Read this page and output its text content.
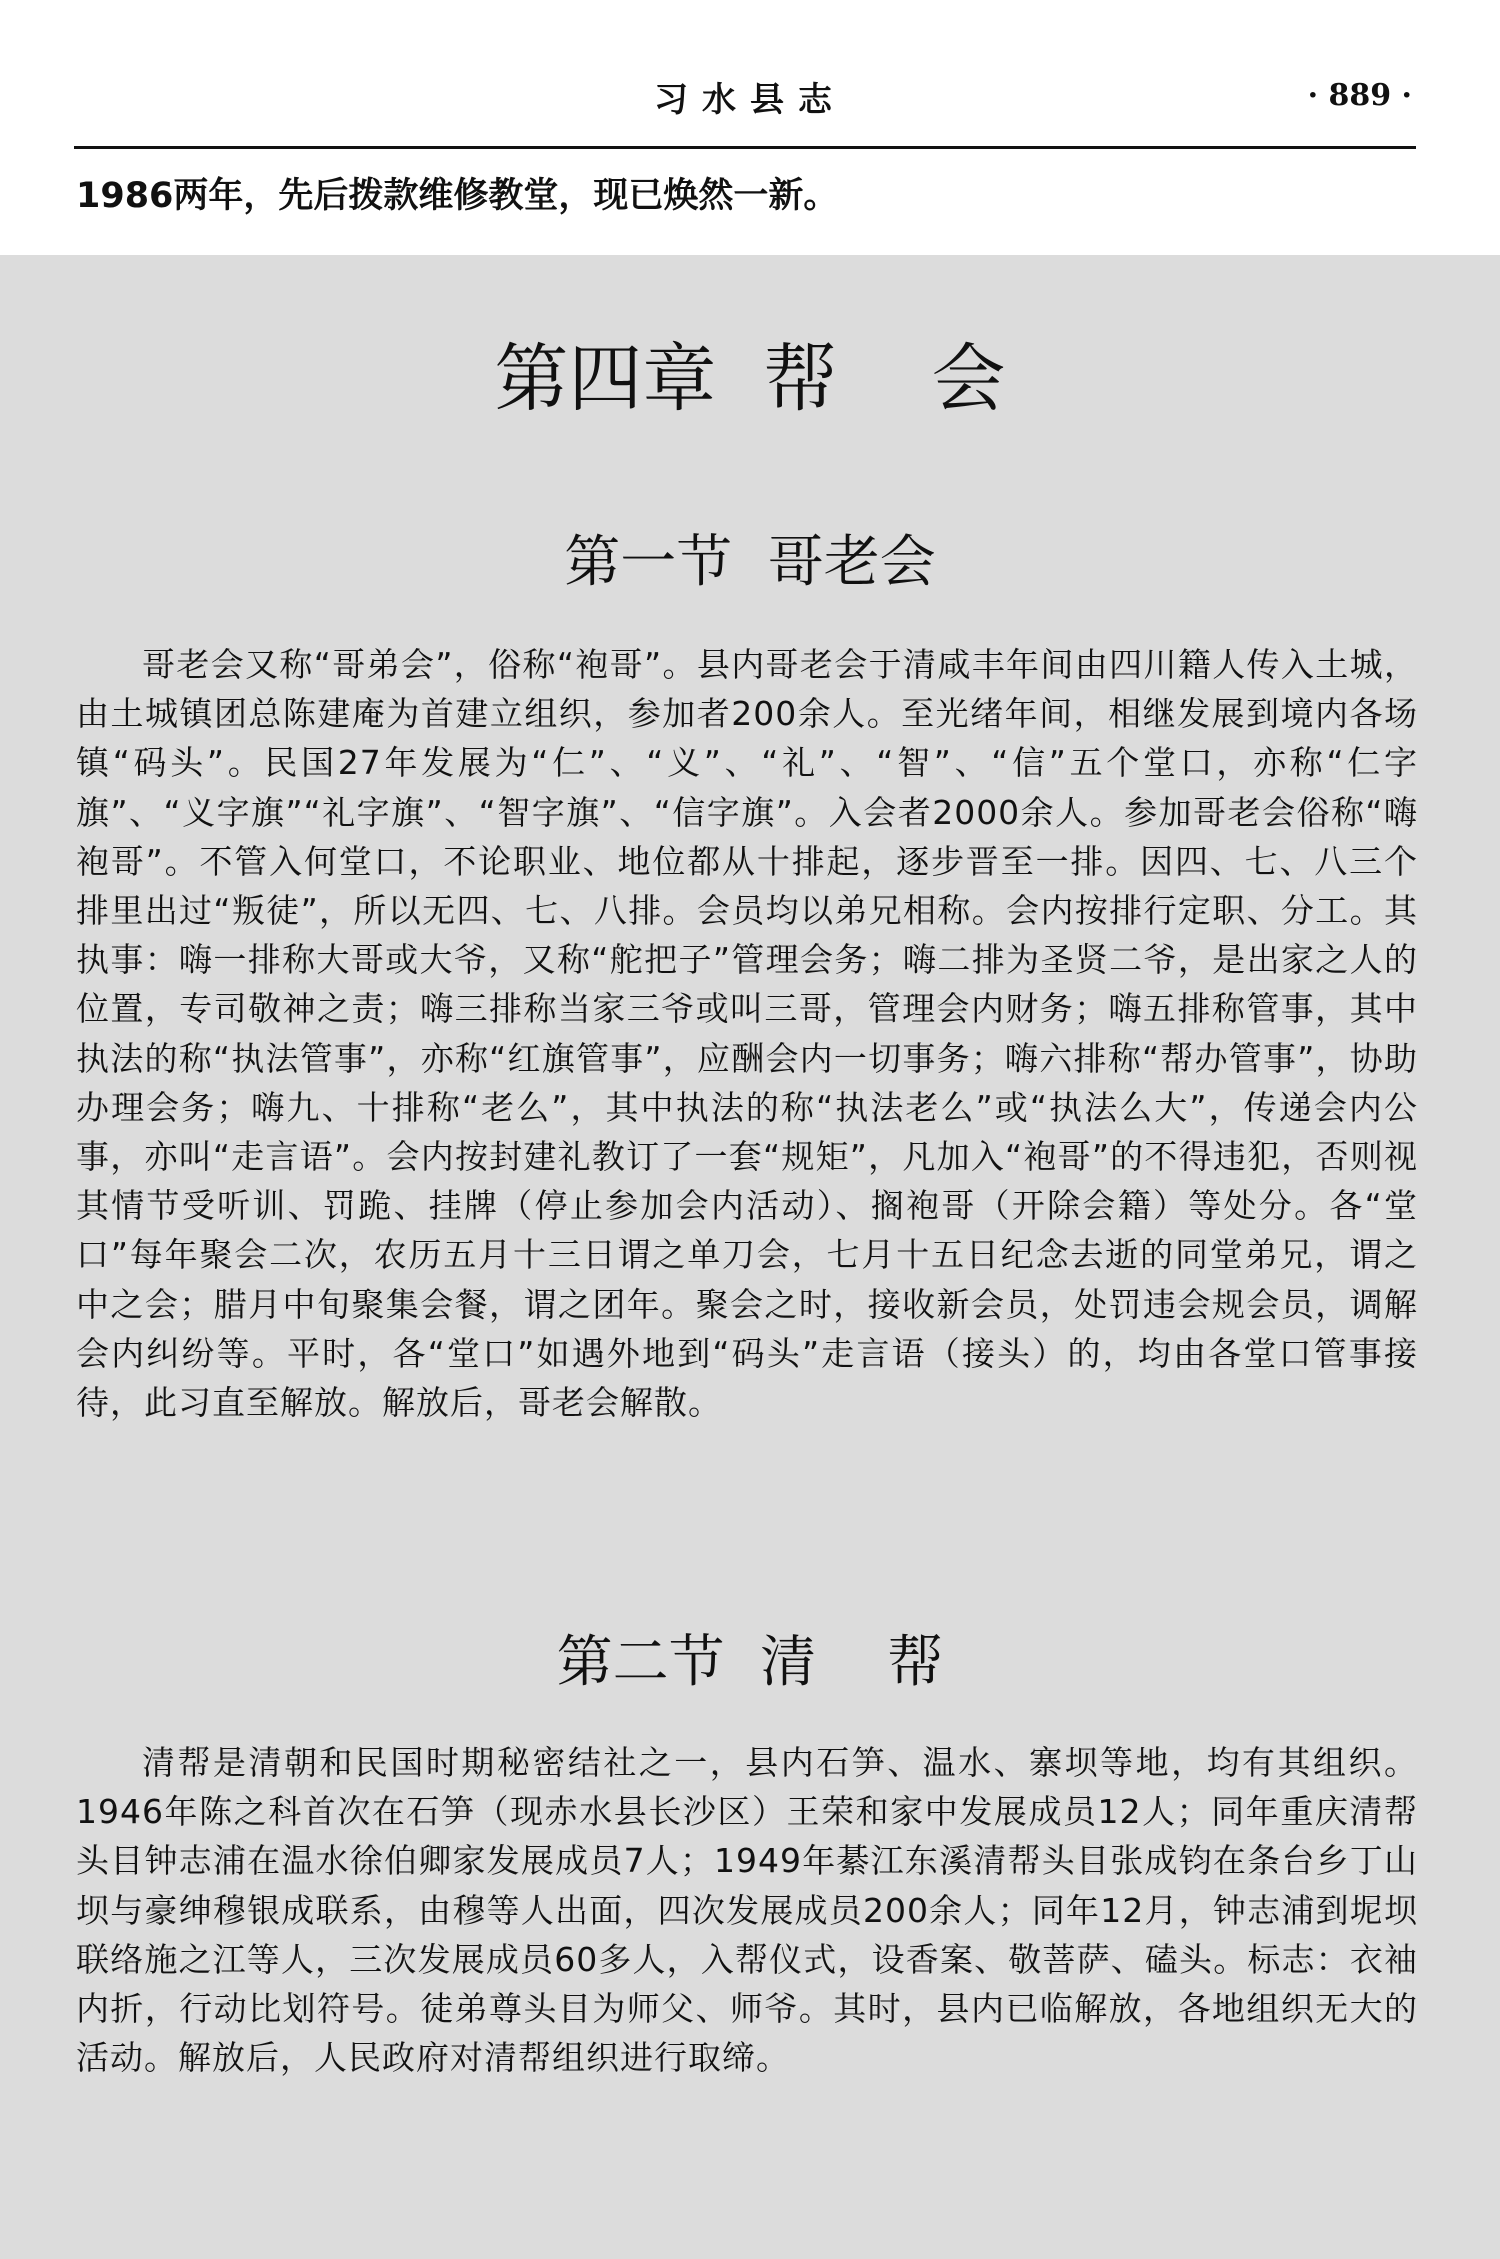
习水县志	· 889 ·
1986两年，先后拨款维修教堂，现已焕然一新。
第四章  帮    会
第一节  哥老会

哥老会又称“哥弟会”，俗称“袍哥”。县内哥老会于清咸丰年间由四川籍人传入土城，由土城镇团总陈建庵为首建立组织，参加者200余人。至光绪年间，相继发展到境内各场镇“码头”。民国27年发展为“仁”、“义”、“礼”、“智”、“信”五个堂口，亦称“仁字旗”、“义字旗”“礼字旗”、“智字旗”、“信字旗”。入会者2000余人。参加哥老会俗称“嗨袍哥”。不管入何堂口，不论职业、地位都从十排起，逐步晋至一排。因四、七、八三个排里出过“叛徒”，所以无四、七、八排。会员均以弟兄相称。会内按排行定职、分工。其执事：嗨一排称大哥或大爷，又称“舵把子”管理会务；嗨二排为圣贤二爷，是出家之人的位置，专司敬神之责；嗨三排称当家三爷或叫三哥，管理会内财务；嗨五排称管事，其中执法的称“执法管事”，亦称“红旗管事”，应酬会内一切事务；嗨六排称“帮办管事”，协助办理会务；嗨九、十排称“老么”，其中执法的称“执法老么”或“执法么大”，传递会内公事，亦叫“走言语”。会内按封建礼教订了一套“规矩”，凡加入“袍哥”的不得违犯，否则视其情节受听训、罚跪、挂牌（停止参加会内活动）、搁袍哥（开除会籍）等处分。各“堂口”每年聚会二次，农历五月十三日谓之单刀会，七月十五日纪念去逝的同堂弟兄，谓之中之会；腊月中旬聚集会餐，谓之团年。聚会之时，接收新会员，处罚违会规会员，调解会内纠纷等。平时，各“堂口”如遇外地到“码头”走言语（接头）的，均由各堂口管事接待，此习直至解放。解放后，哥老会解散。

第二节  清    帮

清帮是清朝和民国时期秘密结社之一，县内石笋、温水、寨坝等地，均有其组织。1946年陈之科首次在石笋（现赤水县长沙区）王荣和家中发展成员12人；同年重庆清帮头目钟志浦在温水徐伯卿家发展成员7人；1949年綦江东溪清帮头目张成钧在条台乡丁山坝与豪绅穆银成联系，由穆等人出面，四次发展成员200余人；同年12月，钟志浦到坭坝联络施之江等人，三次发展成员60多人，入帮仪式，设香案、敬菩萨、磕头。标志：衣袖内折，行动比划符号。徒弟尊头目为师父、师爷。其时，县内已临解放，各地组织无大的活动。解放后，人民政府对清帮组织进行取缔。
